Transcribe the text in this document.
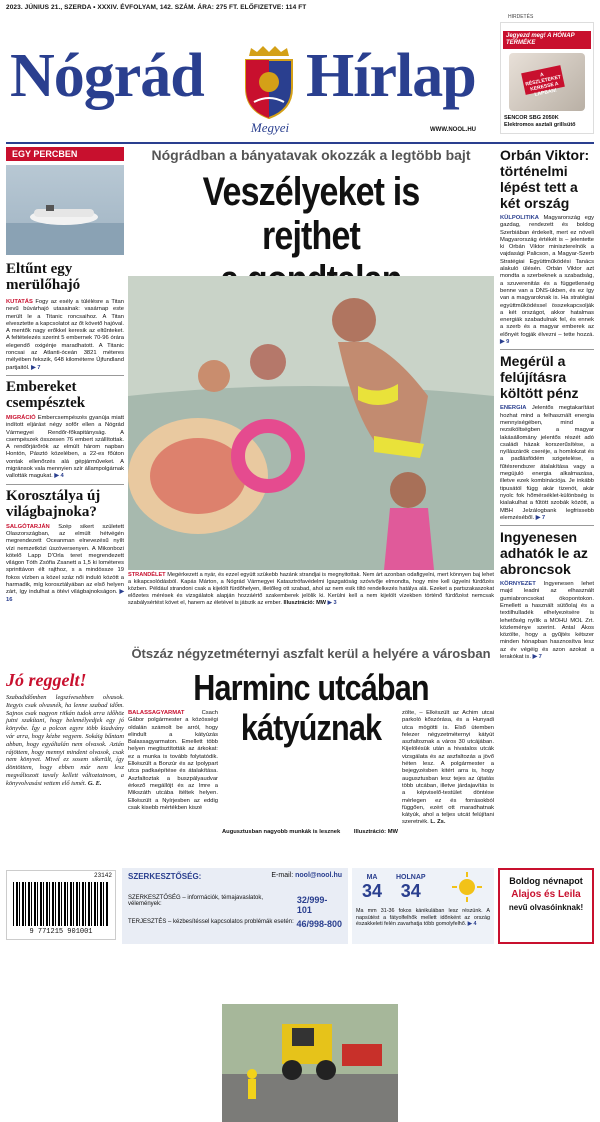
2023. JÚNIUS 21., SZERDA • XXXIV. ÉVFOLYAM, 142. SZÁM. ÁRA: 275 FT. ELŐFIZETVE: 114 FT
Nógrád
Megyei
Hírlap
WWW.NOOL.HU
HIRDETÉS
Jegyezd meg! A HÓNAP TERMÉKE
A RÉSZLETEKET KERESSE A LAPBAN!
SENCOR SBG 2050K
Elektromos asztali grillsütő
EGY PERCBEN
Eltűnt egy merülőhajó

KUTATÁS Fogy az esély a túlélésre a Titan nevű búvárhajó utasainak: vasárnap este merült le a Titanic roncsaihoz. A Titan elvesztette a kapcsolatot az őt követő hajóval. A mentők nagy erőkkel keresik az eltűnteket. A feltételezés szerint 5 embernek 70-96 órára elegendő oxigénje maradhatott. A Titanic roncsai az Atlanti-óceán 3821 méteres mélyében fekszik, 648 kilométerre Újfundland partjaitól. ▶ 7

Embereket csempésztek

MIGRÁCIÓ Embercsempészés gyanúja miatt indított eljárást négy sofőr ellen a Nógrád Vármegyei Rendőr-főkapitányság. A csempészek összesen 76 embert szállítottak. A rendőrjárőrök az elmúlt három napban Hontón, Pásztó közelében, a 22-es főúton vontak ellenőrzés alá gépjárműveket. A migránsok vala mennyien szír állampolgárnak vallották magukat. ▶ 4

Korosztálya új világbajnoka?

SALGÓTARJÁN Szép sikert született Olaszországban, az elmúlt hétvégén megrendezett Oceanman elnevezésű nyílt vízi nemzetközi úszóversenyen. A Mikonbozi kötelő Lapp D'Orla teret megrendezett világon Tóth Zsófia Zsanett a 1,5 ki lométeres sprinttávon élt rajthoz, s a mindössze 19 fokos vízben a közel száz női induló között a harmadik, míg korosztályában az első helyen zárt, így indulhat a ötévi világbajnokságon. ▶ 16

Jó reggelt!

Szabadidőmben legszívesebben olvasok. Itegyis csak olvasnék, ha lenne szabad időm. Sajnos csak nagyon ritkán tudok arra időhöz jutni szakítani, hogy belemélyedjek egy jó könyvbe. Így a polcon egyre több kiadvány vár arra, hogy kézbe vegyem. Sokáig bűntam abban, hogy egyáltalán nem olvasok. Aztán rájöttem, hogy mennyi mindent olvasok, csak nem könyvet. Mivel ez sosem sikerült, így döntöttem, hogy ebben már nem lesz megváltozott tavaly kellett változtatnom, a könyvolvasást vettem elő ismét. G. E.

Nógrádban a bányatavak okozzák a legtöbb bajt
Veszélyeket is rejthet

STRANDÉLET Megérkezett a nyár, és ezzel együtt szükebb hazánk strandjai is megnyitottak. Nem árt azonban odafigyelni, mert könnyen baj lehet a kikapcsolódásból. Kapás Márton, a Nógrád Vármegyei Katasztrófavédelmi Igazgatóság szóvivője elmondta, hogy mire kell ügyelni fürdőzés közben. Például strandoni csak a kijelölt fürdőhelyen, illetőleg ott szabad, ahol az nem esik tiltó rendelkezés hatálya alá. Ezeket a partszakaszokat előzetes mérések és vizsgálatok alapján hozzáértő szakemberek jelölik ki. Kerülni kell a nem kijelölt vízekben történő fürdőzést nemcsak szabálysértést követ el, hanem az életével is játszik az ember. Illusztráció: MW ▶ 3

Ötszáz négyzetméternyi aszfalt kerül a helyére a városban
Harminc utcában kátyúznak

BALASSAGYARMAT	Csach Gábor polgármester a közösségi oldalán számolt be arról, hogy elindult a kátyúzás Balassagyarmaton. Emellett több helyen megtisztították az árkokat: ez a munka is tovább folytatódik. Elkészült a Bonzúr és az Ipolypart utca padkaépítése és átalakítása. Aszfaltoztak a buszpályaudvar érkező megállójt és az Imre a Mikszáth utcába ítéltek helyen. Elkészült a Nyírjesben az eddig csak kisebb mértékben kiszé

Augusztusban nagyobb munkák is lesznek Illusztráció: MW

zölte, – Elkészült az Achim utcai parkoló kőszórása, és a Hunyadi utca mögötti is. Első ütemben felezer négyzetméternyi kátyút aszfaltoznak a város 30 utcájában. Kijelölésük után a hivatalos utcák vizsgálata és az aszfaltozás a jövő héten lesz. A polgármester a bejegyzésben kitért arra is, hogy augusztusban lesz tejes az újtatás több utcában, illetve járdajavítás is a képviselő-testület döntése mérlegen ez és forrásokból függően, ezért ott maradhatnak kátyúk, ahol a teljes utcát felújítani szeretnék. L. Zs.

Orbán Viktor: történelmi lépést tett a két ország

KÜLPOLITIKA Magyarország egy gazdag, rendezett és boldog Szerbiában érdekelt, mert ez növeli Magyarország értékét is – jelentette ki Orbán Viktor miniszterelnök a vajdasági Palicson, a Magyar-Szerb Stratégiai Együttműködési Tanács alakuló ülésén. Orbán Viktor azt mondta a szerbeknek a szabadság, a szuverenitás és a függetlenség benne van a DNS-ükben, és ez így van a magyaroknak is. Ha stratégiai együttműködéssel összekapcsolják a két országot, akkor hatalmas energiák szabadulnak fel, és ennek a szerb és a magyar emberek az előnyét fogják élvezni – tette hozzá. ▶ 9

Megérül a felújításra költött pénz

ENERGIA Jelentős megtakarítást hozhat mind a felhasznált energia mennyiségében, mind a rezsiköltségben a magyar lakásállomány jelentős részét adó családi házak korszerűsítése, a nyílászárók cseréje, a homlokzat és a padlásfödém szigetelése, a fűtésrendszer átalakítása vagy a megújuló energia alkalmazása, illetve ezek kombinációja. Je inkább tipusától függ akár tizenöt, akár nyolc fok hőmérséklet-különbség is kialakulhat a fűtött szobák között, a MBH Jelzálogbank legfrissebb elemzéséből. ▶ 7

Ingyenesen adhatók le az abroncsok

KÖRNYEZET Ingyenesen lehet majd leadni az elhasznált gumiabroncsokat ökopontokon. Emellett a használt sütőolaj és a textilhulladék elhelyezésére is lehetőség nyílik a MOHU MOL Zrt. közleménye szerint. Antal Ákos közölte, hogy a gyűjtés kétszer minden hónapban hasznosítva lesz az év végéig és azon azokat a lerakókat is. ▶ 7

23142
9 771215 901001
SZERKESZTŐSÉG:	E-mail: nool@nool.hu
SZERKESZTŐSÉG – információk, témajavaslatok, vélemények:	32/999-101
TERJESZTÉS – kézbesítéssel kapcsolatos problémák esetén: 46/998-800
MA
34
HOLNAP
34

Ma mm 31-36 fokos kánikulában lesz részünk. A napsütést a fátyolfelhők mellett időnként az ország északkeleti felén zavarhatja több gomolyfelhő. ▶ 4

Boldog névnapot
Alajos és Leila
nevű olvasóinknak!
